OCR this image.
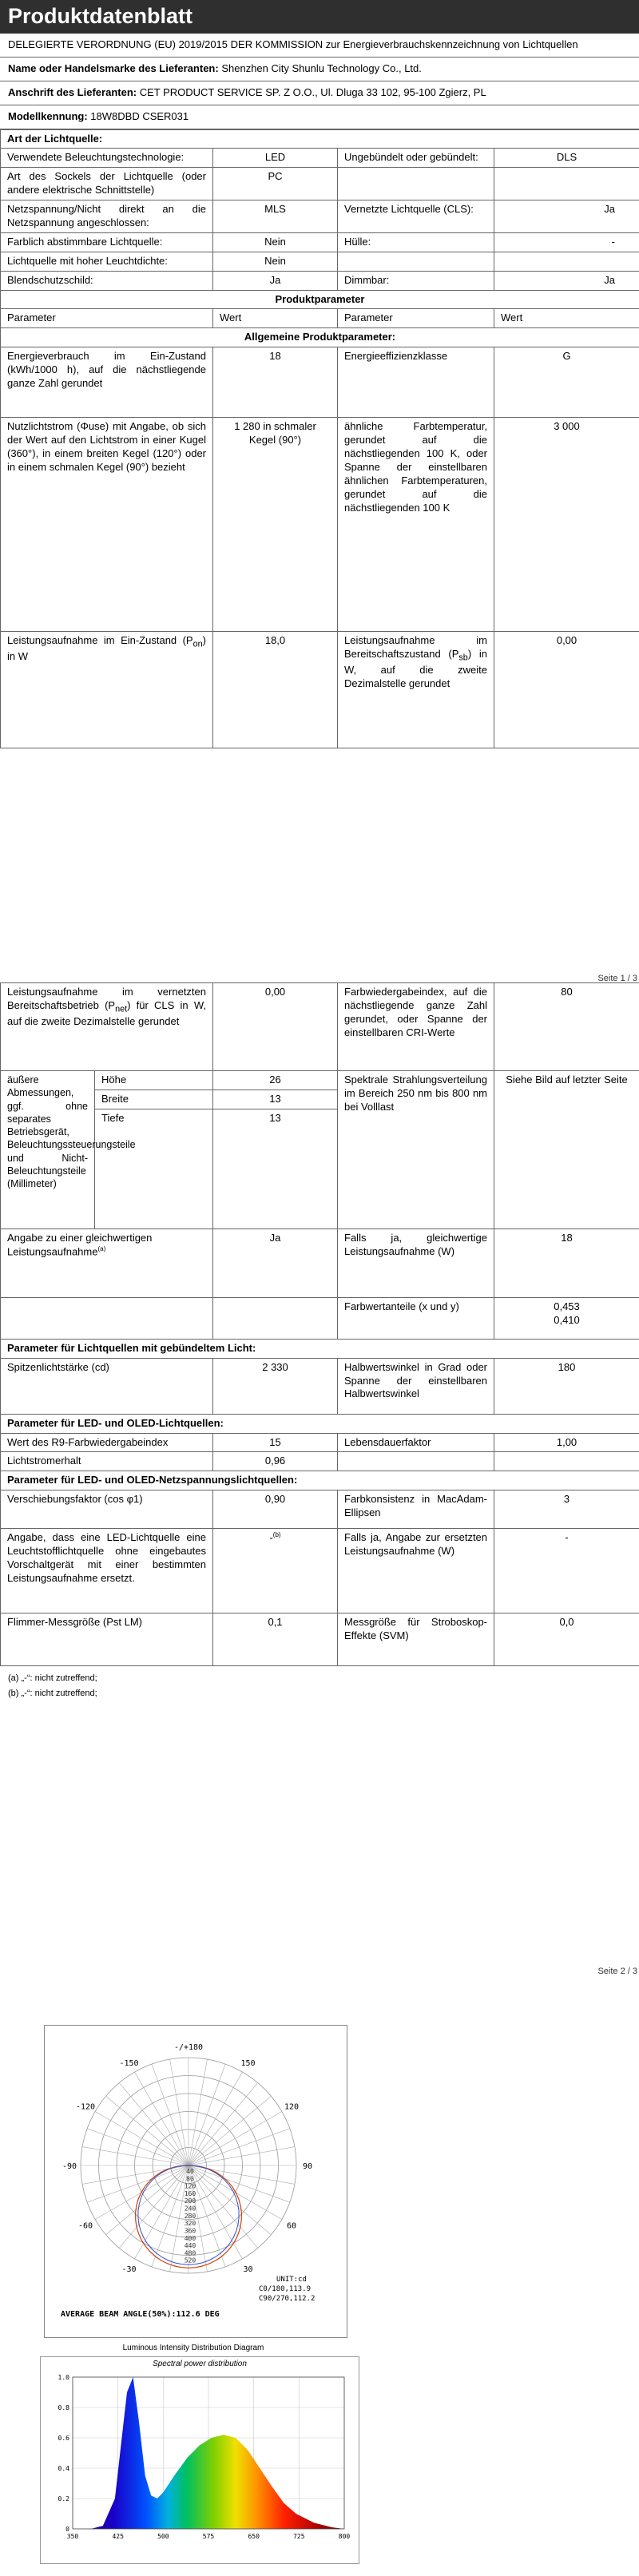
Produktdatenblatt
DELEGIERTE VERORDNUNG (EU) 2019/2015 DER KOMMISSION zur Energieverbrauchskennzeichnung von Lichtquellen
Name oder Handelsmarke des Lieferanten: Shenzhen City Shunlu Technology Co., Ltd.
Anschrift des Lieferanten: CET PRODUCT SERVICE SP. Z O.O., Ul. Dluga 33 102, 95-100 Zgierz, PL
Modellkennung: 18W8DBD CSER031
Art der Lichtquelle:			
Verwendete Beleuchtungstechnologie:	LED	Ungebündelt oder gebündelt:	DLS
Art des Sockels der Lichtquelle (oder andere elektrische Schnittstelle)	PC		
Netzspannung/Nicht direkt an die Netzspannung angeschlossen:	MLS	Vernetzte Lichtquelle (CLS):	Ja
Farblich abstimmbare Lichtquelle:	Nein	Hülle:	-
Lichtquelle mit hoher Leuchtdichte:	Nein		
Blendschutzschild:	Ja	Dimmbar:	Ja
Produktparameter			
Parameter	Wert	Parameter	Wert
Allgemeine Produktparameter:			
Energieverbrauch im Ein-Zustand (kWh/1000 h), auf die nächstliegende ganze Zahl gerundet	18	Energieeffizienzklasse	G
Nutzlichtstrom (Φuse) mit Angabe, ob sich der Wert auf den Lichtstrom in einer Kugel (360°), in einem breiten Kegel (120°) oder in einem schmalen Kegel (90°) bezieht	1 280 in schmaler Kegel (90°)	ähnliche Farbtemperatur, gerundet auf die nächstliegenden 100 K, oder Spanne der einstellbaren ähnlichen Farbtemperaturen, gerundet auf die nächstliegenden 100 K	3 000
Leistungsaufnahme im Ein-Zustand $(P_{on})$ in W	18,0	Leistungsaufnahme im Bereitschaftszustand $(P_{sb})$ in W, auf die zweite Dezimalstelle gerundet	0,00
Seite 1 / 3
Leistungsaufnahme im vernetzten Bereitschaftsbetrieb $(P_{net})$ für CLS in W, auf die zweite Dezimalstelle gerundet		0,00	Farbwiedergabeindex, auf die nächstliegende ganze Zahl gerundet, oder Spanne der einstellbaren CRI-Werte	80
äußere Abmessungen, ggf. ohne separates Betriebsgerät, Beleuchtungssteuerungsteile und Nicht-Beleuchtungsteile (Millimeter)	Höhe	26	Spektrale Strahlungsverteilung im Bereich 250 nm bis 800 nm bei Volllast	Siehe Bild auf letzter Seite
	Breite	13		
	Tiefe	13		
Angabe zu einer gleichwertigen Leistungsaufnahme$^{(a)}$		Ja	Falls ja, gleichwertige Leistungsaufnahme (W)	18
			Farbwertanteile (x und y)	0,453
0,410

Parameter für Lichtquellen mit gebündeltem Licht:				
Spitzenlichtstärke (cd)		2 330	Halbwertswinkel in Grad oder Spanne der einstellbaren Halbwertswinkel	180
Parameter für LED- und OLED-Lichtquellen:				
Wert des R9-Farbwiedergabeindex		15	Lebensdauerfaktor	1,00
Lichtstromerhalt		0,96		
Parameter für LED- und OLED-Netzspannungslichtquellen:				
Verschiebungsfaktor (cos φ1)		0,90	Farbkonsistenz in MacAdam-Ellipsen	3
Angabe, dass eine LED-Lichtquelle eine Leuchtstofflichtquelle ohne eingebautes Vorschaltgerät mit einer bestimmten Leistungsaufnahme ersetzt.		-$^{(b)}$	Falls ja, Angabe zur ersetzten Leistungsaufnahme (W)	-
Flimmer-Messgröße (Pst LM)		0,1	Messgröße für Stroboskop-Effekte (SVM)	0,0
(a) „-“: nicht zutreffend;
(b) „-“: nicht zutreffend;
Seite 2 / 3
-/+180
-150	150
-120	120
-90	90
-60	60
-30	30
40
80
120
160
200
240
280
320
360
400
440
480
520
UNIT:cd
C0/180,113.9
C90/270,112.2
AVERAGE BEAM ANGLE(50%):112.6 DEG
Luminous Intensity Distribution Diagram
Spectral power distribution
0
0.2
0.4
0.6
0.8
1.0
350	425	500	575	650	725	800
